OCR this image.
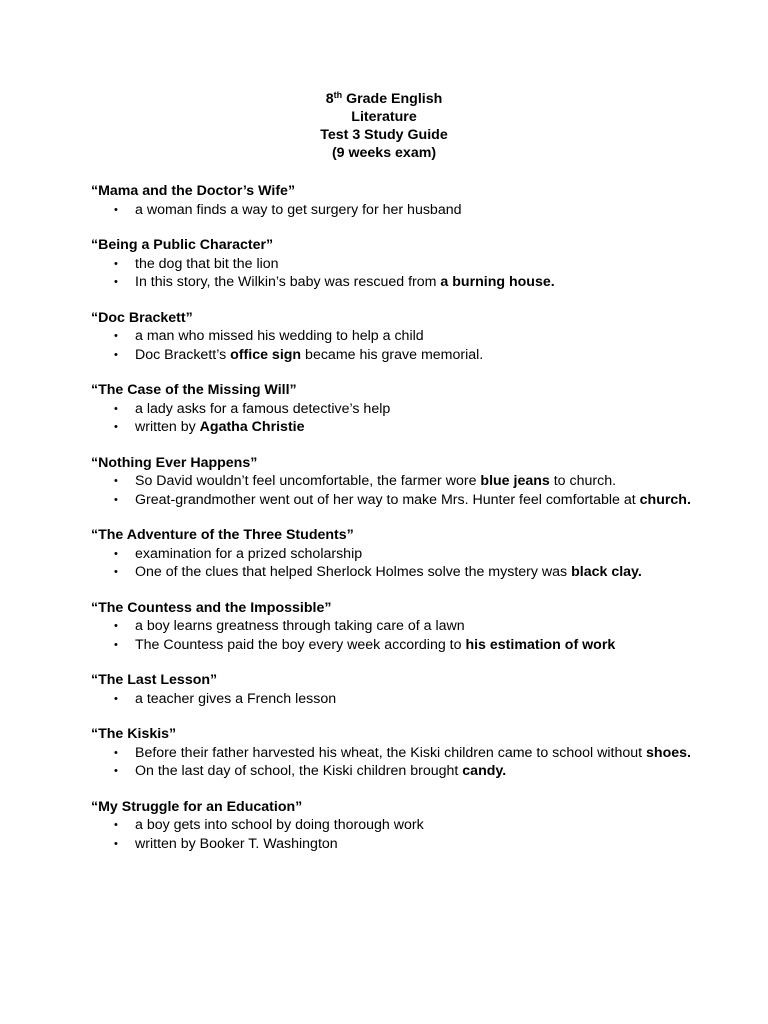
8th Grade English
Literature
Test 3 Study Guide
(9 weeks exam)
“Mama and the Doctor’s Wife”
• a woman finds a way to get surgery for her husband
“Being a Public Character”
• the dog that bit the lion
• In this story, the Wilkin’s baby was rescued from a burning house.
“Doc Brackett”
• a man who missed his wedding to help a child
• Doc Brackett’s office sign became his grave memorial.
“The Case of the Missing Will”
• a lady asks for a famous detective’s help
• written by Agatha Christie
“Nothing Ever Happens”
• So David wouldn’t feel uncomfortable, the farmer wore blue jeans to church.
• Great-grandmother went out of her way to make Mrs. Hunter feel comfortable at church.
“The Adventure of the Three Students”
• examination for a prized scholarship
• One of the clues that helped Sherlock Holmes solve the mystery was black clay.
“The Countess and the Impossible”
• a boy learns greatness through taking care of a lawn
• The Countess paid the boy every week according to his estimation of work
“The Last Lesson”
• a teacher gives a French lesson
“The Kiskis”
• Before their father harvested his wheat, the Kiski children came to school without shoes.
• On the last day of school, the Kiski children brought candy.
“My Struggle for an Education”
• a boy gets into school by doing thorough work
• written by Booker T. Washington
